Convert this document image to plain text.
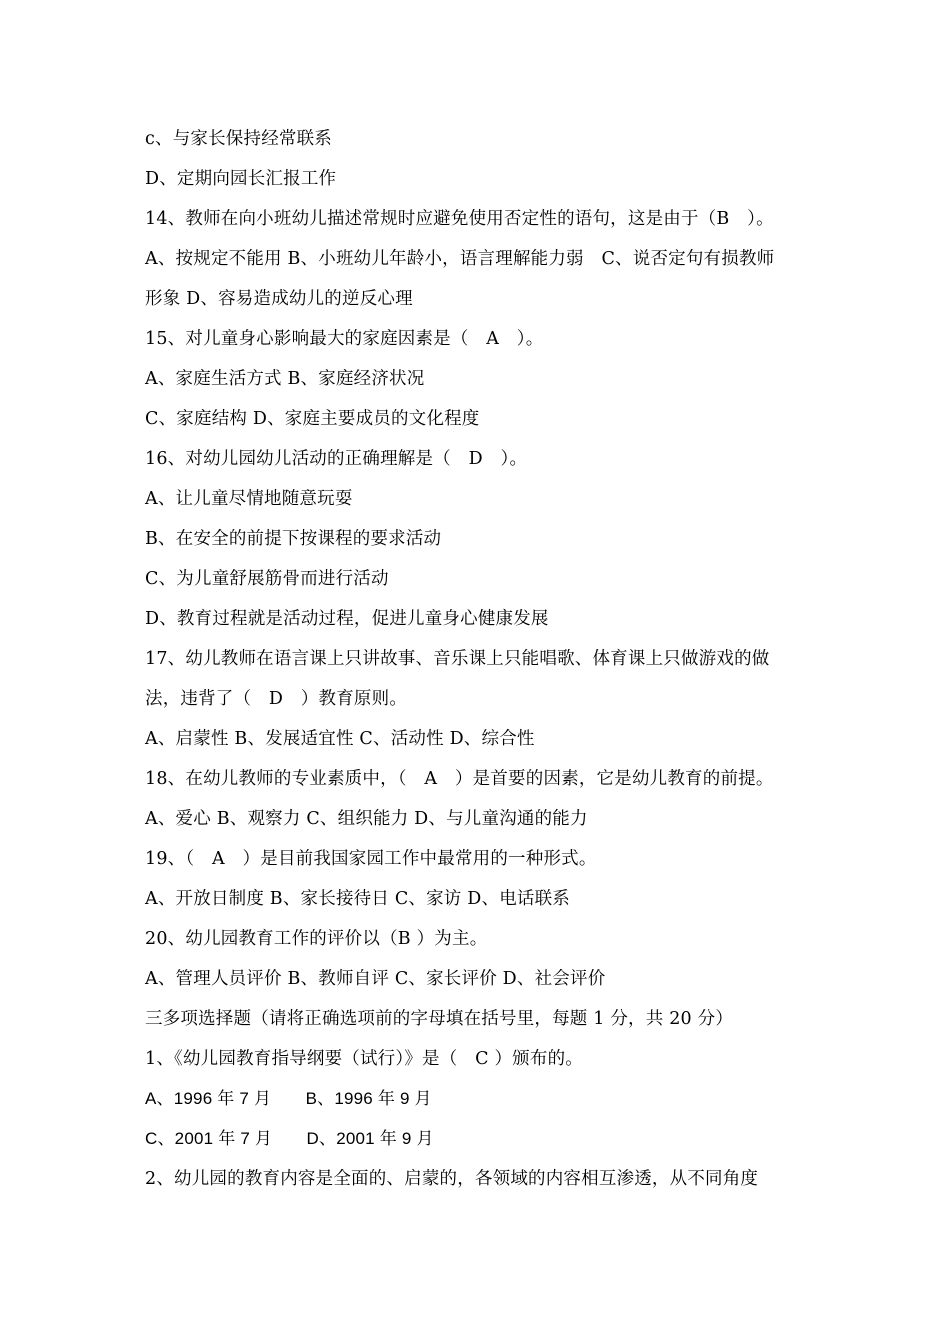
c、与家长保持经常联系
D、定期向园长汇报工作
14、教师在向小班幼儿描述常规时应避免使用否定性的语句，这是由于（B　）。
A、按规定不能用 B、小班幼儿年龄小，语言理解能力弱　C、说否定句有损教师
形象 D、容易造成幼儿的逆反心理
15、对儿童身心影响最大的家庭因素是（　A　）。
A、家庭生活方式 B、家庭经济状况
C、家庭结构 D、家庭主要成员的文化程度
16、对幼儿园幼儿活动的正确理解是（　D　）。
A、让儿童尽情地随意玩耍
B、在安全的前提下按课程的要求活动
C、为儿童舒展筋骨而进行活动
D、教育过程就是活动过程，促进儿童身心健康发展
17、幼儿教师在语言课上只讲故事、音乐课上只能唱歌、体育课上只做游戏的做
法，违背了（　D　）教育原则。
A、启蒙性 B、发展适宜性 C、活动性 D、综合性
18、在幼儿教师的专业素质中，（　A　）是首要的因素，它是幼儿教育的前提。
A、爱心 B、观察力 C、组织能力 D、与儿童沟通的能力
19、（　A　）是目前我国家园工作中最常用的一种形式。
A、开放日制度 B、家长接待日 C、家访 D、电话联系
20、幼儿园教育工作的评价以（B ）为主。
A、管理人员评价 B、教师自评 C、家长评价 D、社会评价
三多项选择题（请将正确选项前的字母填在括号里，每题 1 分，共 20 分）
1、《幼儿园教育指导纲要（试行）》是（　C ）颁布的。
A、1996 年 7 月　　B、1996 年 9 月
C、2001 年 7 月　　D、2001 年 9 月
2、幼儿园的教育内容是全面的、启蒙的，各领域的内容相互渗透，从不同角度
